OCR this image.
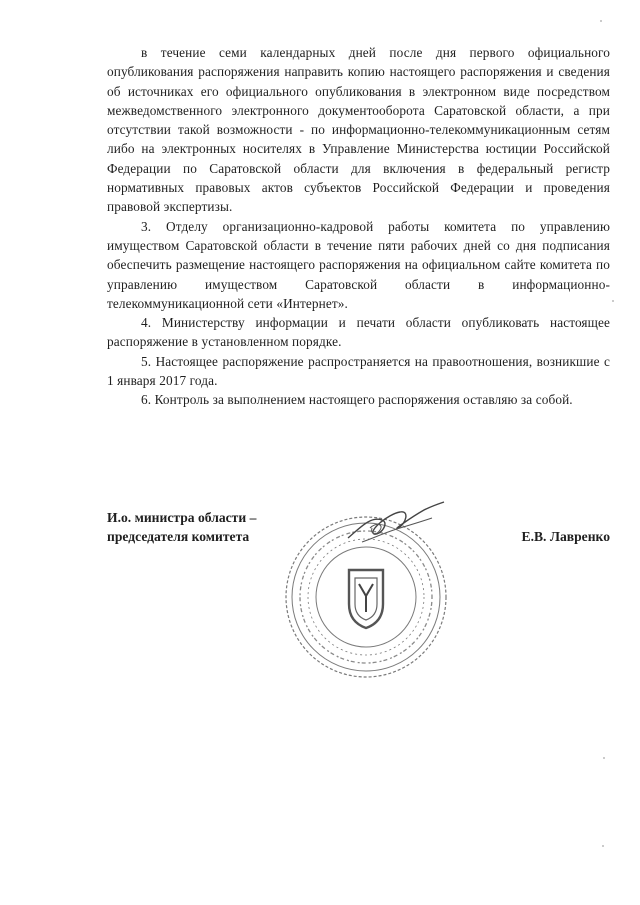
в течение семи календарных дней после дня первого официального опубликования распоряжения направить копию настоящего распоряжения и сведения об источниках его официального опубликования в электронном виде посредством межведомственного электронного документооборота Саратовской области, а при отсутствии такой возможности - по информационно-телекоммуникационным сетям либо на электронных носителях в Управление Министерства юстиции Российской Федерации по Саратовской области для включения в федеральный регистр нормативных правовых актов субъектов Российской Федерации и проведения правовой экспертизы.

3. Отделу организационно-кадровой работы комитета по управлению имуществом Саратовской области в течение пяти рабочих дней со дня подписания обеспечить размещение настоящего распоряжения на официальном сайте комитета по управлению имуществом Саратовской области в информационно-телекоммуникационной сети «Интернет».

4. Министерству информации и печати области опубликовать настоящее распоряжение в установленном порядке.

5. Настоящее распоряжение распространяется на правоотношения, возникшие с 1 января 2017 года.

6. Контроль за выполнением настоящего распоряжения оставляю за собой.

И.о. министра области –
председателя комитета	Е.В. Лавренко
